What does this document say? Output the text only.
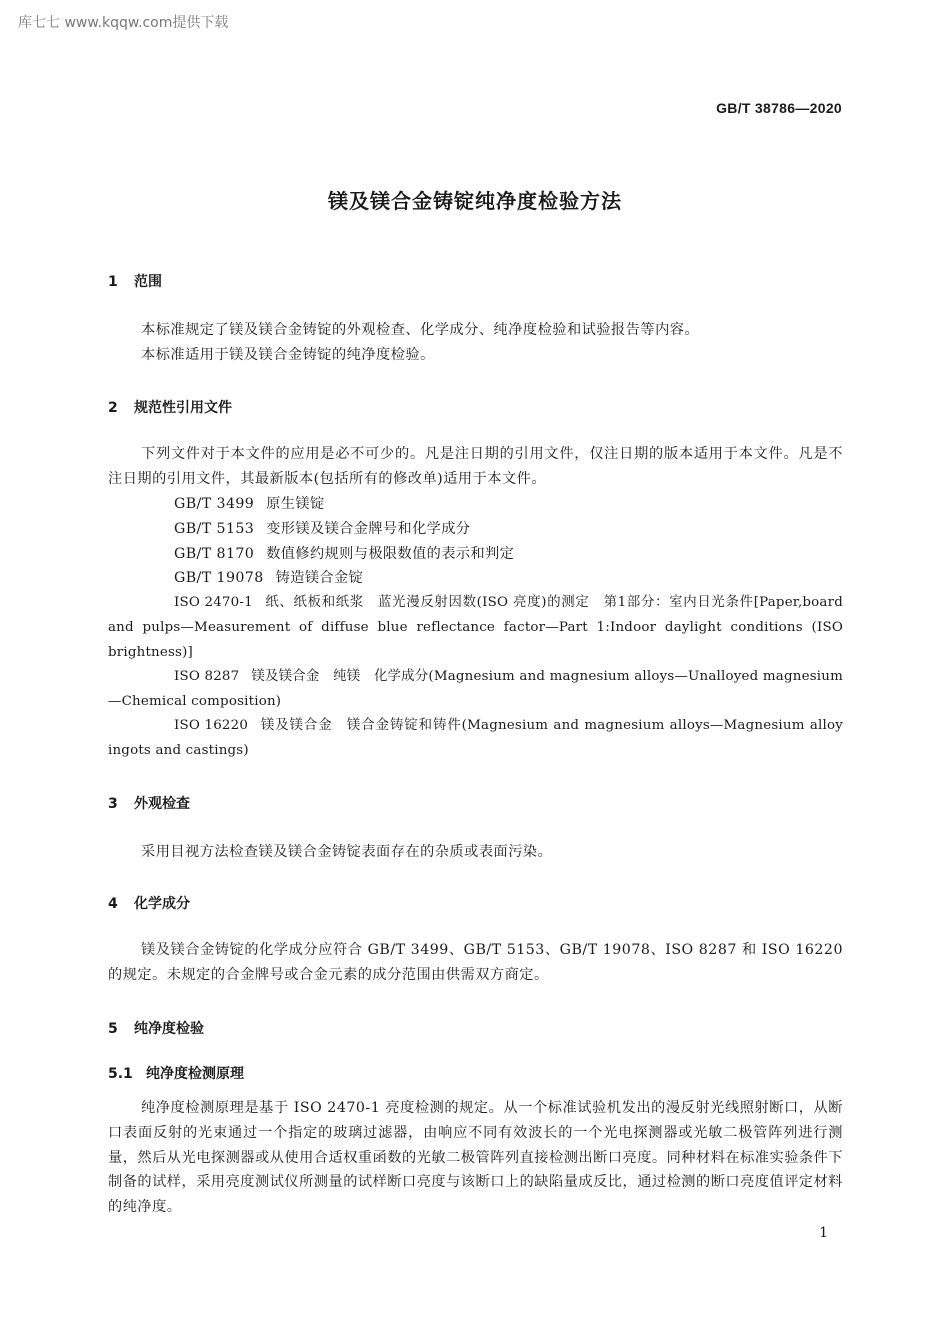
库七七 www.kqqw.com提供下载
GB/T 38786—2020
镁及镁合金铸锭纯净度检验方法
1 范围
本标准规定了镁及镁合金铸锭的外观检查、化学成分、纯净度检验和试验报告等内容。
本标准适用于镁及镁合金铸锭的纯净度检验。
2 规范性引用文件
下列文件对于本文件的应用是必不可少的。凡是注日期的引用文件，仅注日期的版本适用于本文件。凡是不注日期的引用文件，其最新版本(包括所有的修改单)适用于本文件。
GB/T 3499 原生镁锭
GB/T 5153 变形镁及镁合金牌号和化学成分
GB/T 8170 数值修约规则与极限数值的表示和判定
GB/T 19078 铸造镁合金锭
ISO 2470-1 纸、纸板和纸浆　蓝光漫反射因数(ISO 亮度)的测定　第1部分：室内日光条件[Paper,board and pulps—Measurement of diffuse blue reflectance factor—Part 1:Indoor daylight conditions (ISO brightness)]
ISO 8287 镁及镁合金　纯镁　化学成分(Magnesium and magnesium alloys—Unalloyed magnesium—Chemical composition)
ISO 16220 镁及镁合金　镁合金铸锭和铸件(Magnesium and magnesium alloys—Magnesium alloy ingots and castings)
3 外观检查
采用目视方法检查镁及镁合金铸锭表面存在的杂质或表面污染。
4 化学成分
镁及镁合金铸锭的化学成分应符合 GB/T 3499、GB/T 5153、GB/T 19078、ISO 8287 和 ISO 16220 的规定。未规定的合金牌号或合金元素的成分范围由供需双方商定。
5 纯净度检验
5.1 纯净度检测原理
纯净度检测原理是基于 ISO 2470-1 亮度检测的规定。从一个标准试验机发出的漫反射光线照射断口，从断口表面反射的光束通过一个指定的玻璃过滤器，由响应不同有效波长的一个光电探测器或光敏二极管阵列进行测量，然后从光电探测器或从使用合适权重函数的光敏二极管阵列直接检测出断口亮度。同种材料在标准实验条件下制备的试样，采用亮度测试仪所测量的试样断口亮度与该断口上的缺陷量成反比，通过检测的断口亮度值评定材料的纯净度。
1
